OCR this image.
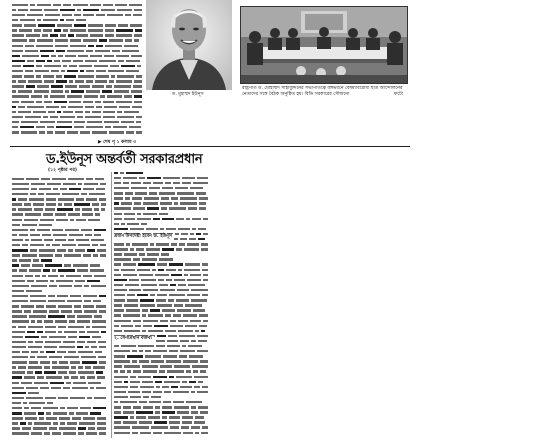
▶ শেষ পৃ ১ কলাম ৩
ড. মুহাম্মদ ইউনূস
রাষ্ট্রপতি ড. মোহাম্মদ সাহাবুদ্দিনের সভাপতিত্বে বঙ্গভবনে বৈষম্যবিরোধী ছাত্র আন্দোলনের
নেতাদের সঙ্গে বৈঠক অনুষ্ঠিত হয়। বিডি সরকারের সৌজন্যে	ফটো
ড.ইউনূস অন্তর্বর্তী সরকারপ্রধান
(১২ পৃষ্ঠার পর)
প্রধান উপদেষ্টা হবেন ড. ইউনূস
২. সেনাপ্রধান বক্তব্য
